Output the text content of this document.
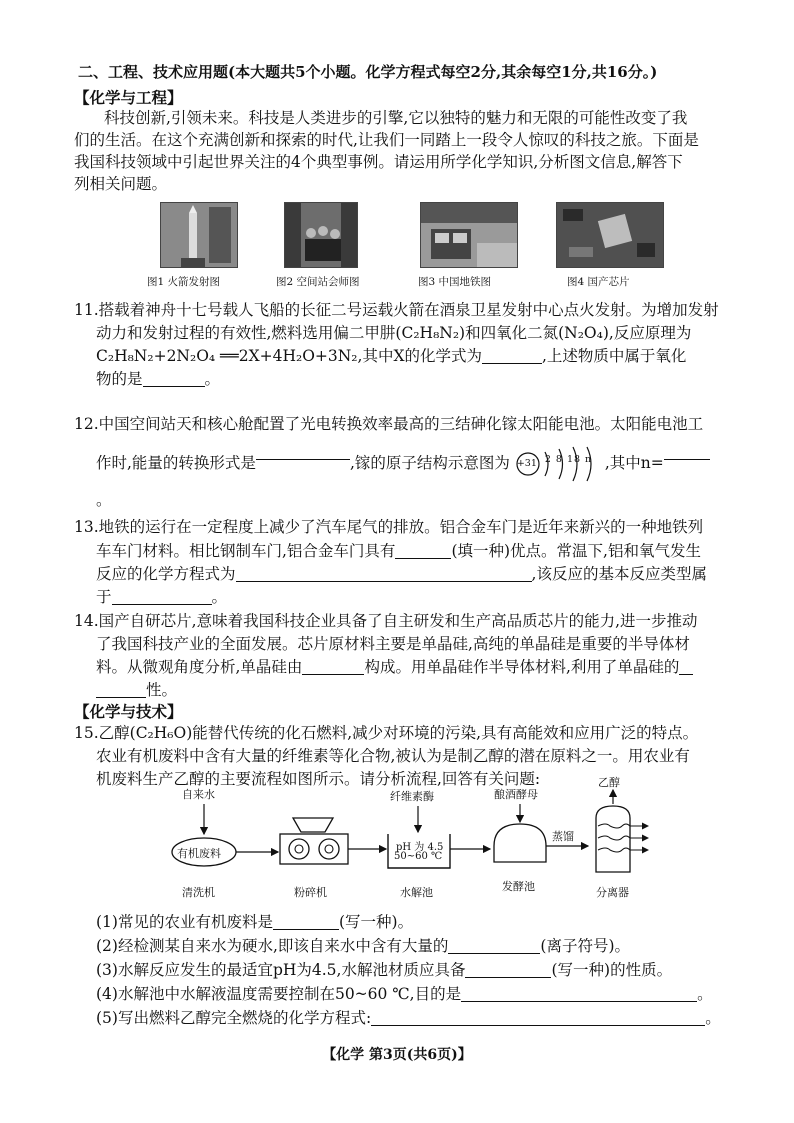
二、工程、技术应用题(本大题共5个小题。化学方程式每空2分,其余每空1分,共16分。)
【化学与工程】
科技创新,引领未来。科技是人类进步的引擎,它以独特的魅力和无限的可能性改变了我
们的生活。在这个充满创新和探索的时代,让我们一同踏上一段令人惊叹的科技之旅。下面是
我国科技领域中引起世界关注的4个典型事例。请运用所学化学知识,分析图文信息,解答下
列相关问题。
图1 火箭发射图	图2 空间站会师图	图3 中国地铁图	图4 国产芯片
11.搭载着神舟十七号载人飞船的长征二号运载火箭在酒泉卫星发射中心点火发射。为增加发射
动力和发射过程的有效性,燃料选用偏二甲肼(C₂H₈N₂)和四氧化二氮(N₂O₄),反应原理为
C₂H₈N₂+2N₂O₄ ══2X+4H₂O+3N₂,其中X的化学式为	,上述物质中属于氧化
物的是	。
12.中国空间站天和核心舱配置了光电转换效率最高的三结砷化镓太阳能电池。太阳能电池工
作时,能量的转换形式是	,镓的原子结构示意图为 +31 2 8 18 n ,其中n=
。
13.地铁的运行在一定程度上减少了汽车尾气的排放。铝合金车门是近年来新兴的一种地铁列
车车门材料。相比钢制车门,铝合金车门具有	(填一种)优点。常温下,铝和氧气发生
反应的化学方程式为	,该反应的基本反应类型属
于	。
14.国产自研芯片,意味着我国科技企业具备了自主研发和生产高品质芯片的能力,进一步推动
了我国科技产业的全面发展。芯片原材料主要是单晶硅,高纯的单晶硅是重要的半导体材
料。从微观角度分析,单晶硅由	构成。用单晶硅作半导体材料,利用了单晶硅的
性。
【化学与技术】
15.乙醇(C₂H₆O)能替代传统的化石燃料,减少对环境的污染,具有高能效和应用广泛的特点。
农业有机废料中含有大量的纤维素等化合物,被认为是制乙醇的潜在原料之一。用农业有
机废料生产乙醇的主要流程如图所示。请分析流程,回答有关问题:
自来水
有机废料
纤维素酶
pH 为 4.5
50~60 ℃
酿酒酵母
蒸馏
乙醇
清洗机	粉碎机	水解池	发酵池	分离器
(1)常见的农业有机废料是	(写一种)。
(2)经检测某自来水为硬水,即该自来水中含有大量的	(离子符号)。
(3)水解反应发生的最适宜pH为4.5,水解池材质应具备	(写一种)的性质。
(4)水解池中水解液温度需要控制在50~60 ℃,目的是	。
(5)写出燃料乙醇完全燃烧的化学方程式:	。
【化学 第3页(共6页)】
